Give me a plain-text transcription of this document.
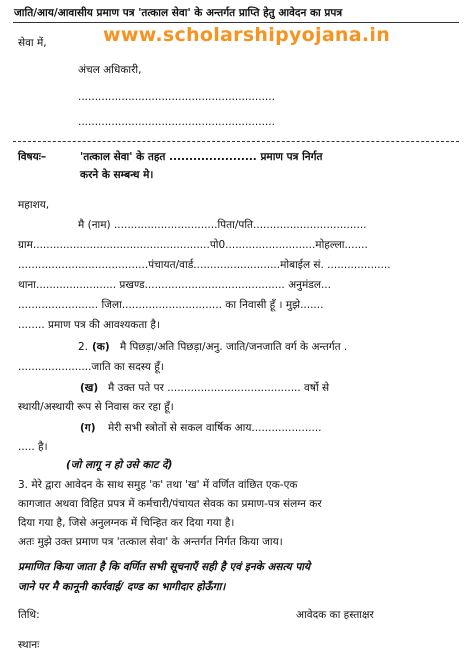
जाति/आय/आवासीय प्रमाण पत्र 'तत्काल सेवा' के अन्तर्गत प्राप्ति हेतु आवेदन का प्रपत्र
www.scholarshipyojana.in
सेवा में,
अंचल अधिकारी,
...........................................................
...........................................................
विषयः–	'तत्काल सेवा' के तहत ...................... प्रमाण पत्र निर्गत
करने के सम्बन्ध मे।
महाशय,
मै (नाम) ...............................पिता/पति..................................
ग्राम.....................................................पो0...........................मोहल्ला.......
.......................................पंचायत/वार्ड..........................मोबाईल सं. ...................
थाना........................ प्रखण्ड.......................................... अनुमंडल...
........................ जिला.............................. का निवासी हूँ । मुझे.......
........ प्रमाण पत्र की आवश्यकता है।
2. (क) मै पिछड़ा/अति पिछड़ा/अनु. जाति/जनजाति वर्ग के अन्तर्गत .
......................जाति का सदस्य हूँ।
(ख) मै उक्त पते पर ........................................ वर्षो से
स्थायी/अस्थायी रूप से निवास कर रहा हूँ।
(ग) मेरी सभी स्त्रोतों से सकल वार्षिक आय.....................
..... है।
(जो लागू न हो उसे काट दें)
3. मेरे द्वारा आवेदन के साथ समुह 'क' तथा 'ख' में वर्णित वांछित एक-एक
कागजात अथवा विहित प्रपत्र में कर्मचारी/पंचायत सेवक का प्रमाण-पत्र संलग्न कर
दिया गया है, जिसे अनुलग्नक में चिन्हित कर दिया गया है।
अतः मुझे उक्त प्रमाण पत्र 'तत्काल सेवा' के अन्तर्गत निर्गत किया जाय।
प्रमाणित किया जाता है कि वर्णित सभी सूचनाएँ सही है एवं इनके असत्य पाये
जाने पर मै कानूनी कार्रवाई/ दण्ड का भागीदार होऊँगा।
तिथि:	आवेदक का हस्ताक्षर
स्थानः
